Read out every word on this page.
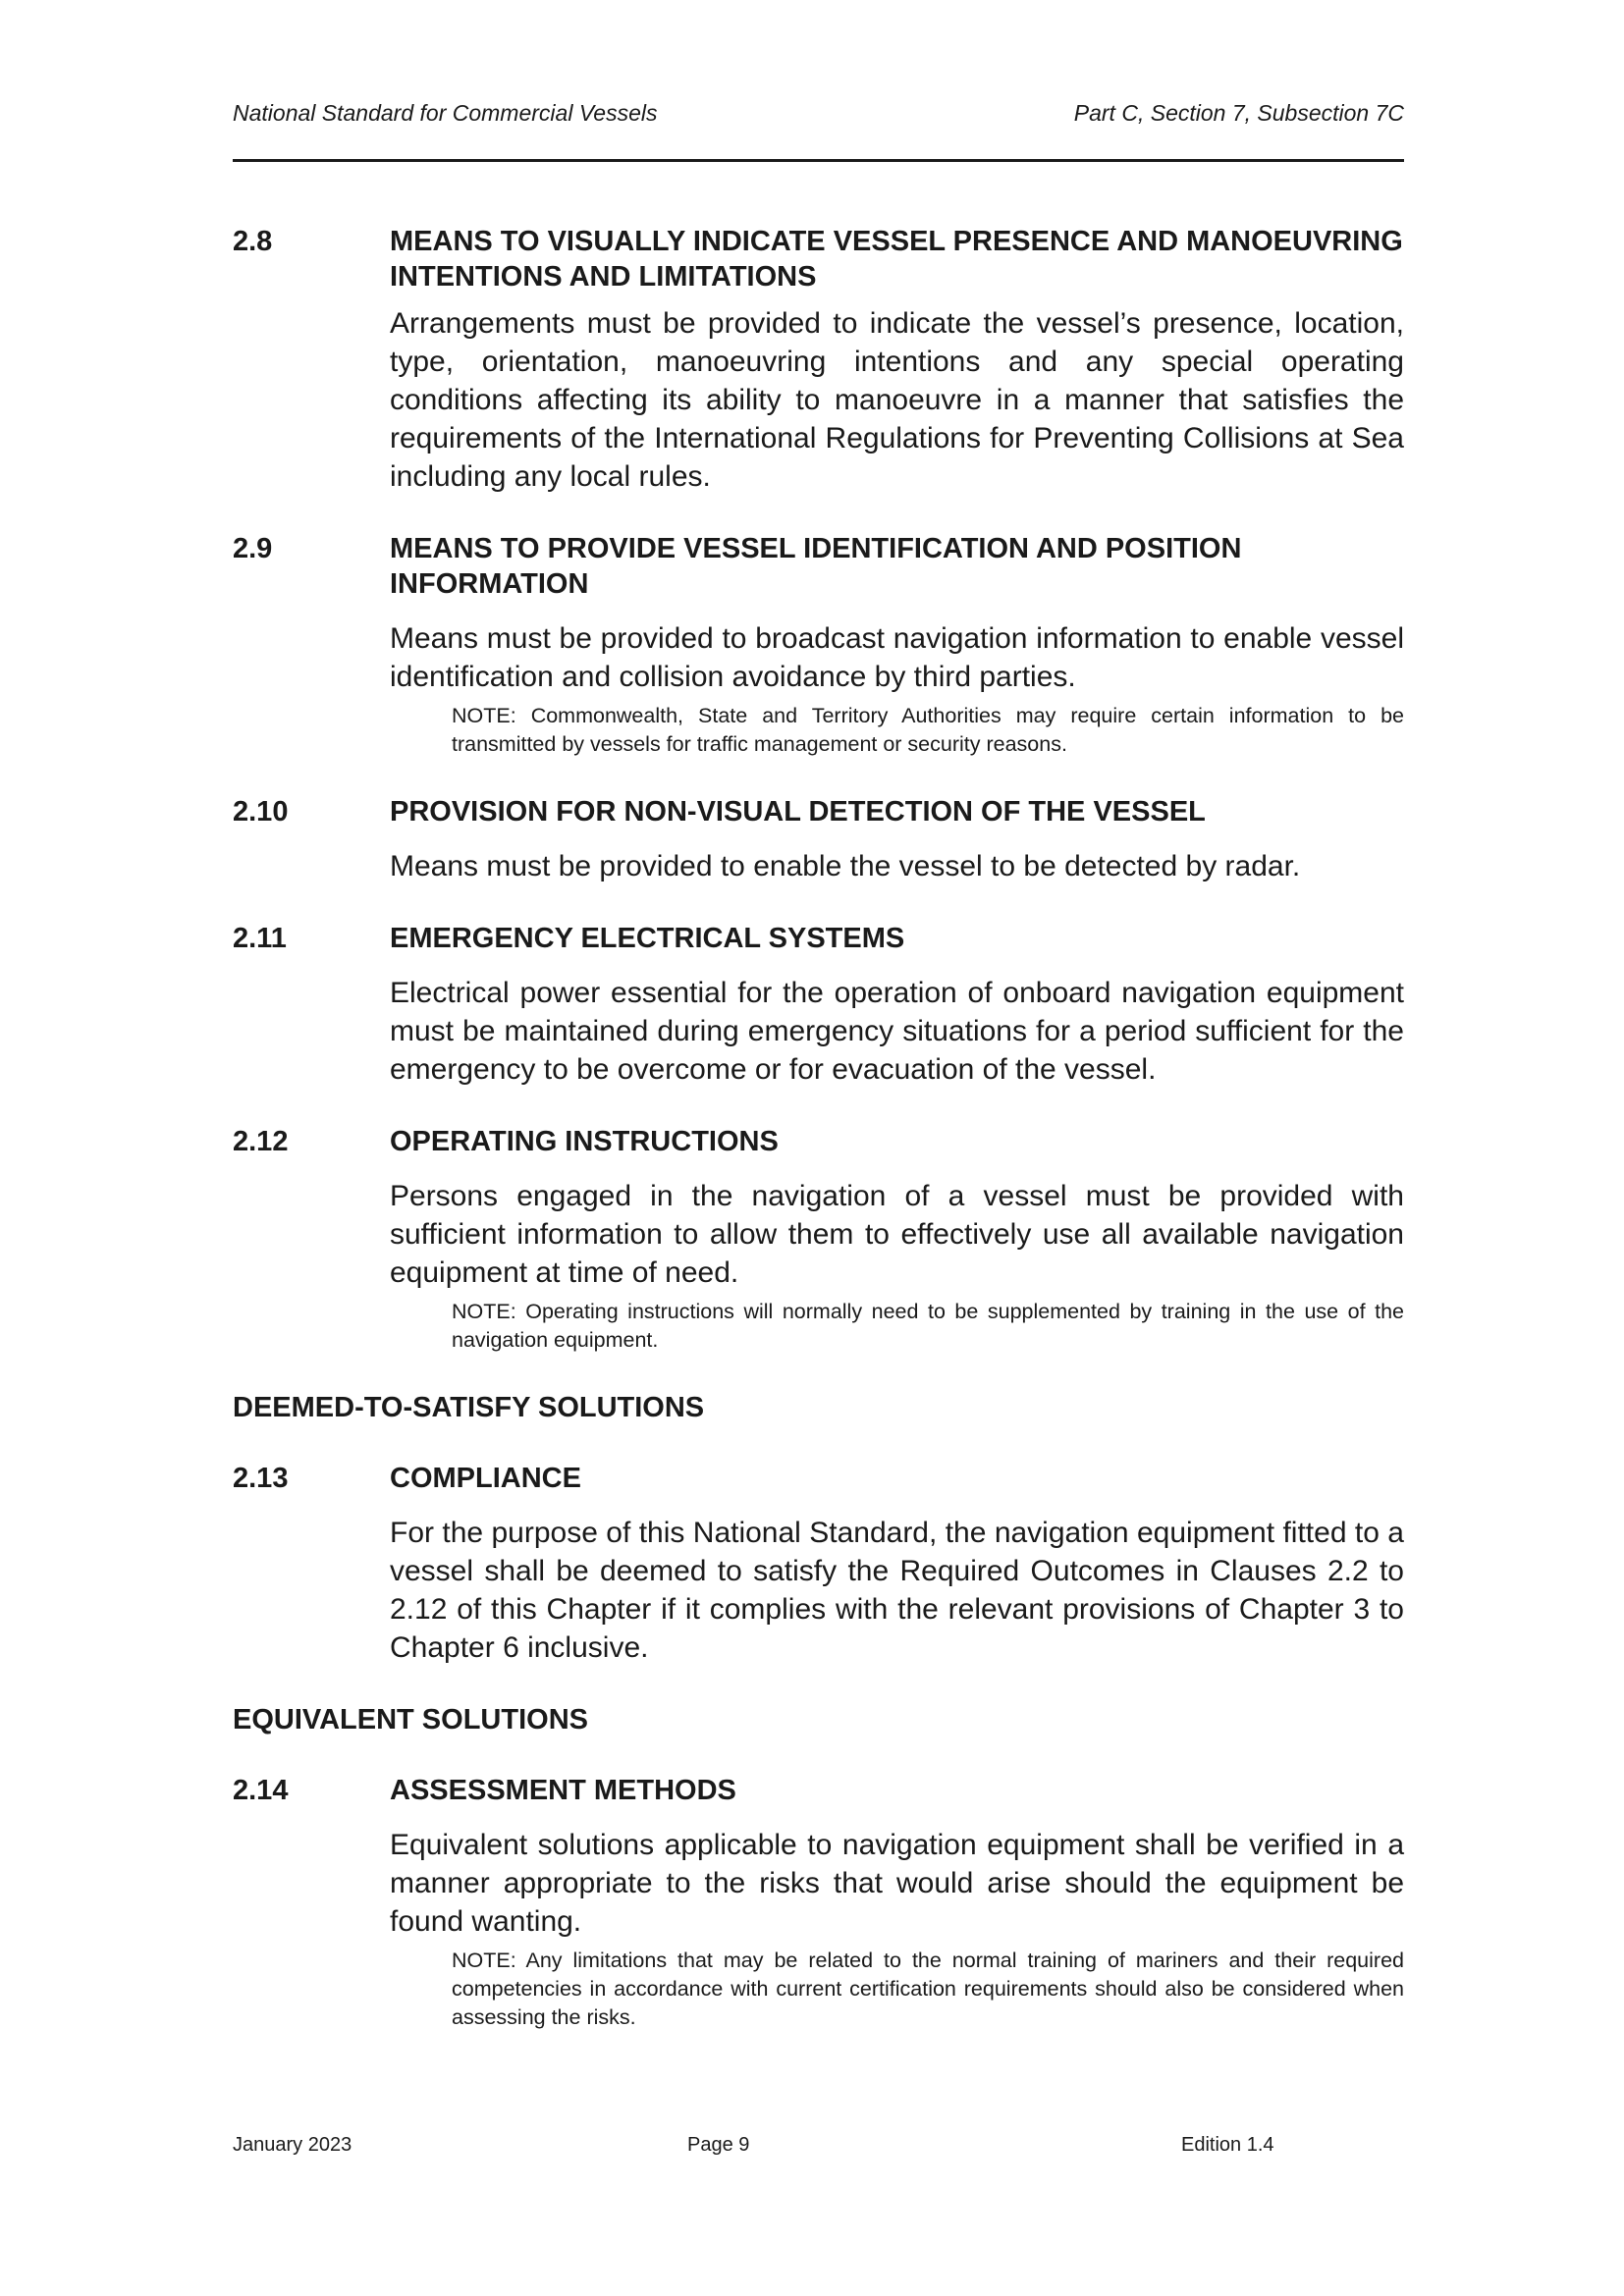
National Standard for Commercial Vessels	Part C, Section 7, Subsection 7C
2.8	MEANS TO VISUALLY INDICATE VESSEL PRESENCE AND MANOEUVRING INTENTIONS AND LIMITATIONS
Arrangements must be provided to indicate the vessel’s presence, location, type, orientation, manoeuvring intentions and any special operating conditions affecting its ability to manoeuvre in a manner that satisfies the requirements of the International Regulations for Preventing Collisions at Sea including any local rules.
2.9	MEANS TO PROVIDE VESSEL IDENTIFICATION AND POSITION INFORMATION
Means must be provided to broadcast navigation information to enable vessel identification and collision avoidance by third parties.
NOTE: Commonwealth, State and Territory Authorities may require certain information to be transmitted by vessels for traffic management or security reasons.
2.10	PROVISION FOR NON-VISUAL DETECTION OF THE VESSEL
Means must be provided to enable the vessel to be detected by radar.
2.11	EMERGENCY ELECTRICAL SYSTEMS
Electrical power essential for the operation of onboard navigation equipment must be maintained during emergency situations for a period sufficient for the emergency to be overcome or for evacuation of the vessel.
2.12	OPERATING INSTRUCTIONS
Persons engaged in the navigation of a vessel must be provided with sufficient information to allow them to effectively use all available navigation equipment at time of need.
NOTE: Operating instructions will normally need to be supplemented by training in the use of the navigation equipment.
DEEMED-TO-SATISFY SOLUTIONS
2.13	COMPLIANCE
For the purpose of this National Standard, the navigation equipment fitted to a vessel shall be deemed to satisfy the Required Outcomes in Clauses 2.2 to 2.12 of this Chapter if it complies with the relevant provisions of Chapter 3 to Chapter 6 inclusive.
EQUIVALENT SOLUTIONS
2.14	ASSESSMENT METHODS
Equivalent solutions applicable to navigation equipment shall be verified in a manner appropriate to the risks that would arise should the equipment be found wanting.
NOTE: Any limitations that may be related to the normal training of mariners and their required competencies in accordance with current certification requirements should also be considered when assessing the risks.
January 2023	Page 9	Edition 1.4
